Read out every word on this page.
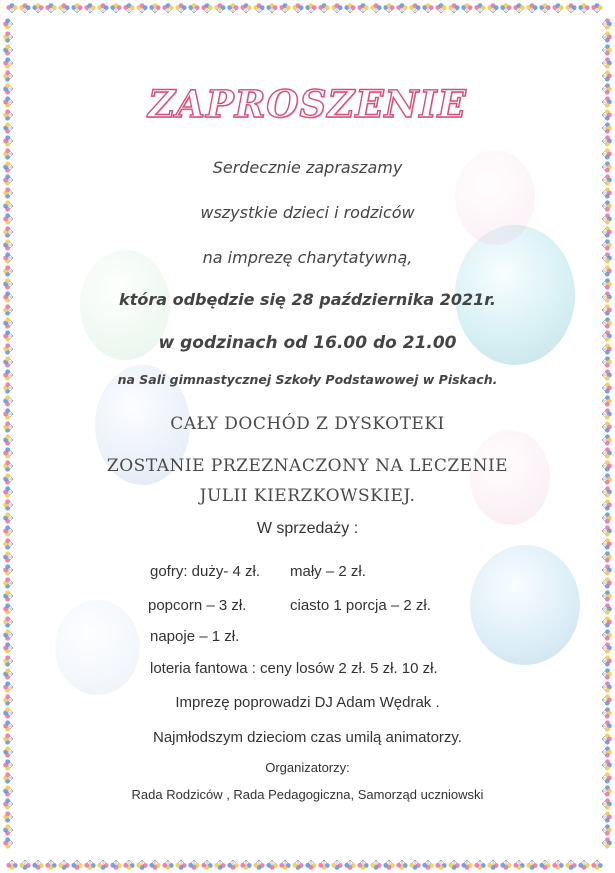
ZAPROSZENIE
Serdecznie zapraszamy
wszystkie dzieci i rodziców
na imprezę charytatywną,
która odbędzie się 28 października 2021r.
w godzinach od 16.00 do 21.00
na Sali gimnastycznej Szkoły Podstawowej w Piskach.
CAŁY DOCHÓD Z DYSKOTEKI
ZOSTANIE PRZEZNACZONY NA LECZENIE
JULII KIERZKOWSKIEJ.
W sprzedaży :
gofry: duży- 4 zł. mały – 2 zł.
popcorn – 3 zł.	ciasto 1 porcja – 2 zł.
napoje – 1 zł.
loteria fantowa : ceny losów 2 zł. 5 zł. 10 zł.
Imprezę poprowadzi DJ Adam Wędrak .
Najmłodszym dzieciom czas umilą animatorzy.
Organizatorzy:
Rada Rodziców , Rada Pedagogiczna, Samorząd uczniowski
